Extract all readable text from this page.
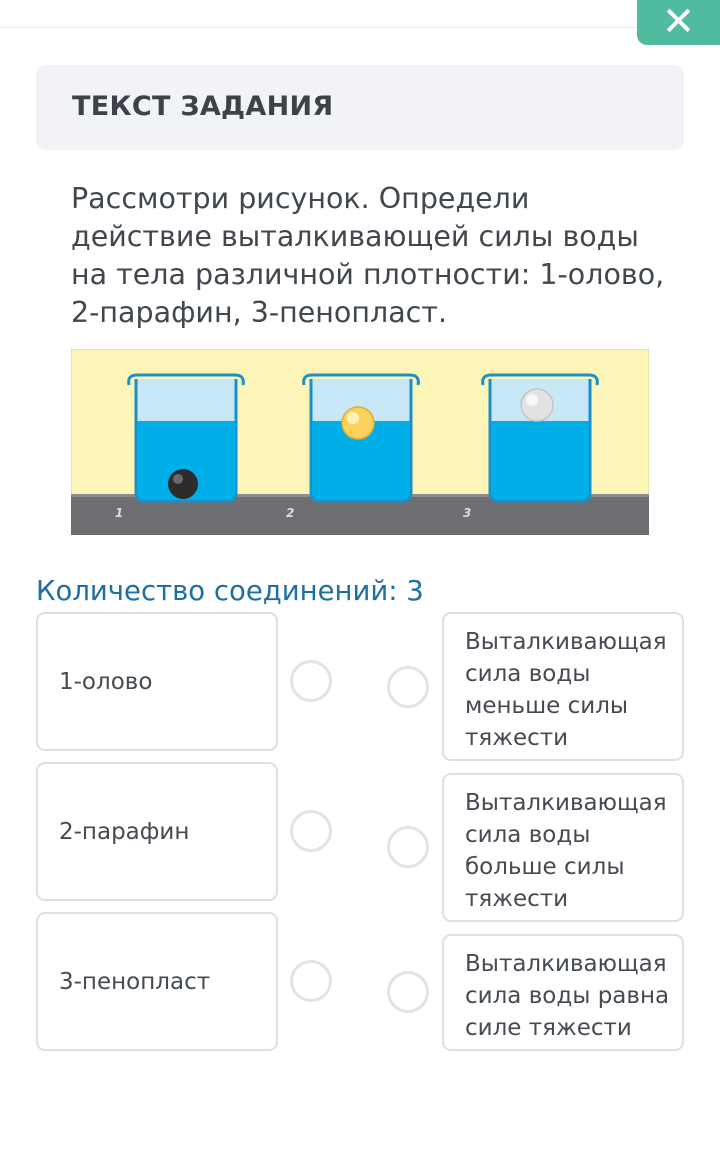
✕
ТЕКСТ ЗАДАНИЯ
Рассмотри рисунок. Определи действие выталкивающей силы воды на тела различной плотности: 1-олово, 2-парафин, 3-пенопласт.
1	2	3
Количество соединений: 3
1-олово
2-парафин
3-пенопласт
Выталкивающая сила воды меньше силы тяжести
Выталкивающая сила воды больше силы тяжести
Выталкивающая сила воды равна силе тяжести
